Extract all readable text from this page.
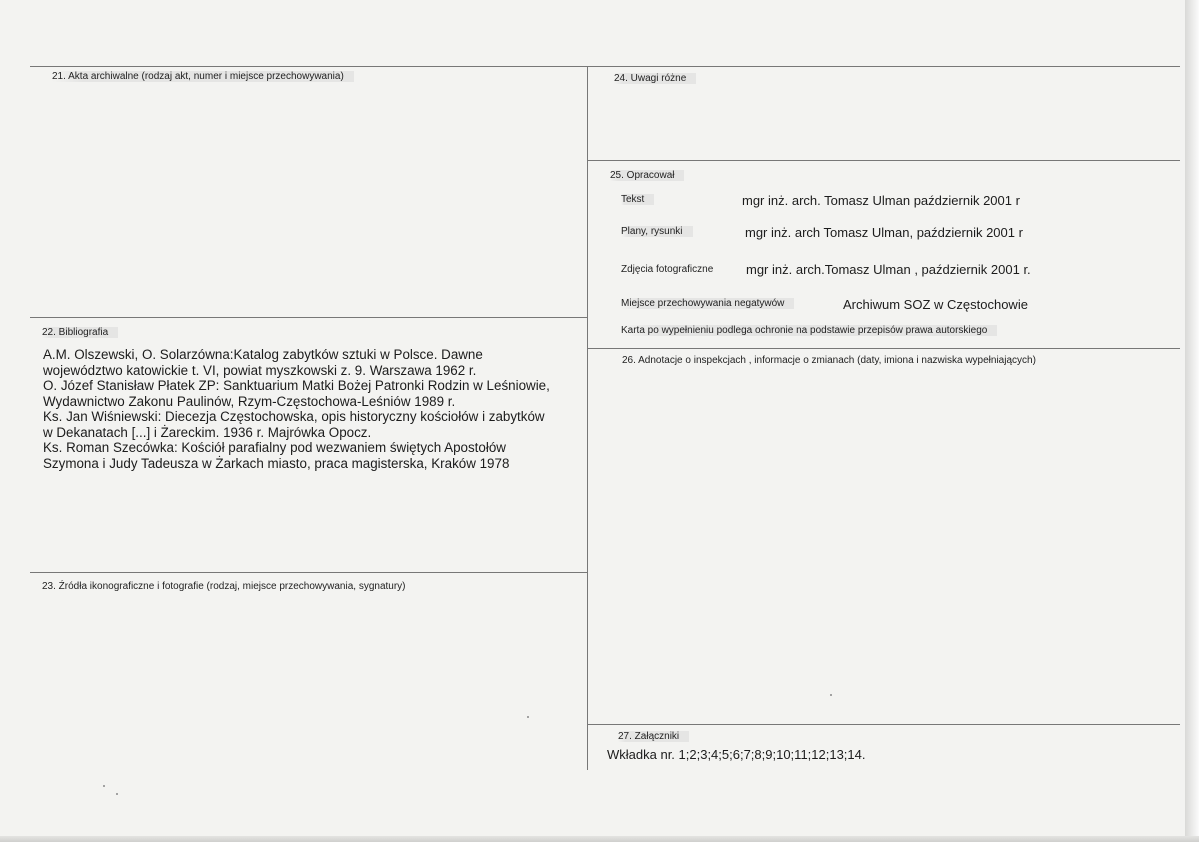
21. Akta archiwalne (rodzaj akt, numer i miejsce przechowywania)
22. Bibliografia
A.M. Olszewski, O. Solarzówna:Katalog zabytków sztuki w Polsce. Dawne
województwo katowickie t. VI, powiat myszkowski z. 9. Warszawa 1962 r.
O. Józef Stanisław Płatek ZP: Sanktuarium Matki Bożej Patronki Rodzin w Leśniowie,
Wydawnictwo Zakonu Paulinów, Rzym-Częstochowa-Leśniów 1989 r.
Ks. Jan Wiśniewski: Diecezja Częstochowska, opis historyczny kościołów i zabytków
w Dekanatach [...] i Żareckim. 1936 r. Majrówka Opocz.
Ks. Roman Szecówka: Kościół parafialny pod wezwaniem świętych Apostołów
Szymona i Judy Tadeusza w Żarkach miasto, praca magisterska, Kraków 1978
23. Źródła ikonograficzne i fotografie (rodzaj, miejsce przechowywania, sygnatury)
24. Uwagi różne
25. Opracował
Tekst	mgr inż. arch. Tomasz Ulman październik 2001 r
Plany, rysunki	mgr inż. arch Tomasz Ulman, październik 2001 r
Zdjęcia fotograficzne	mgr inż. arch.Tomasz Ulman , październik 2001 r.
Miejsce przechowywania negatywów	Archiwum SOZ w Częstochowie
Karta po wypełnieniu podlega ochronie na podstawie przepisów prawa autorskiego
26. Adnotacje o inspekcjach , informacje o zmianach (daty, imiona i nazwiska wypełniających)
27. Załączniki
Wkładka nr. 1;2;3;4;5;6;7;8;9;10;11;12;13;14.
